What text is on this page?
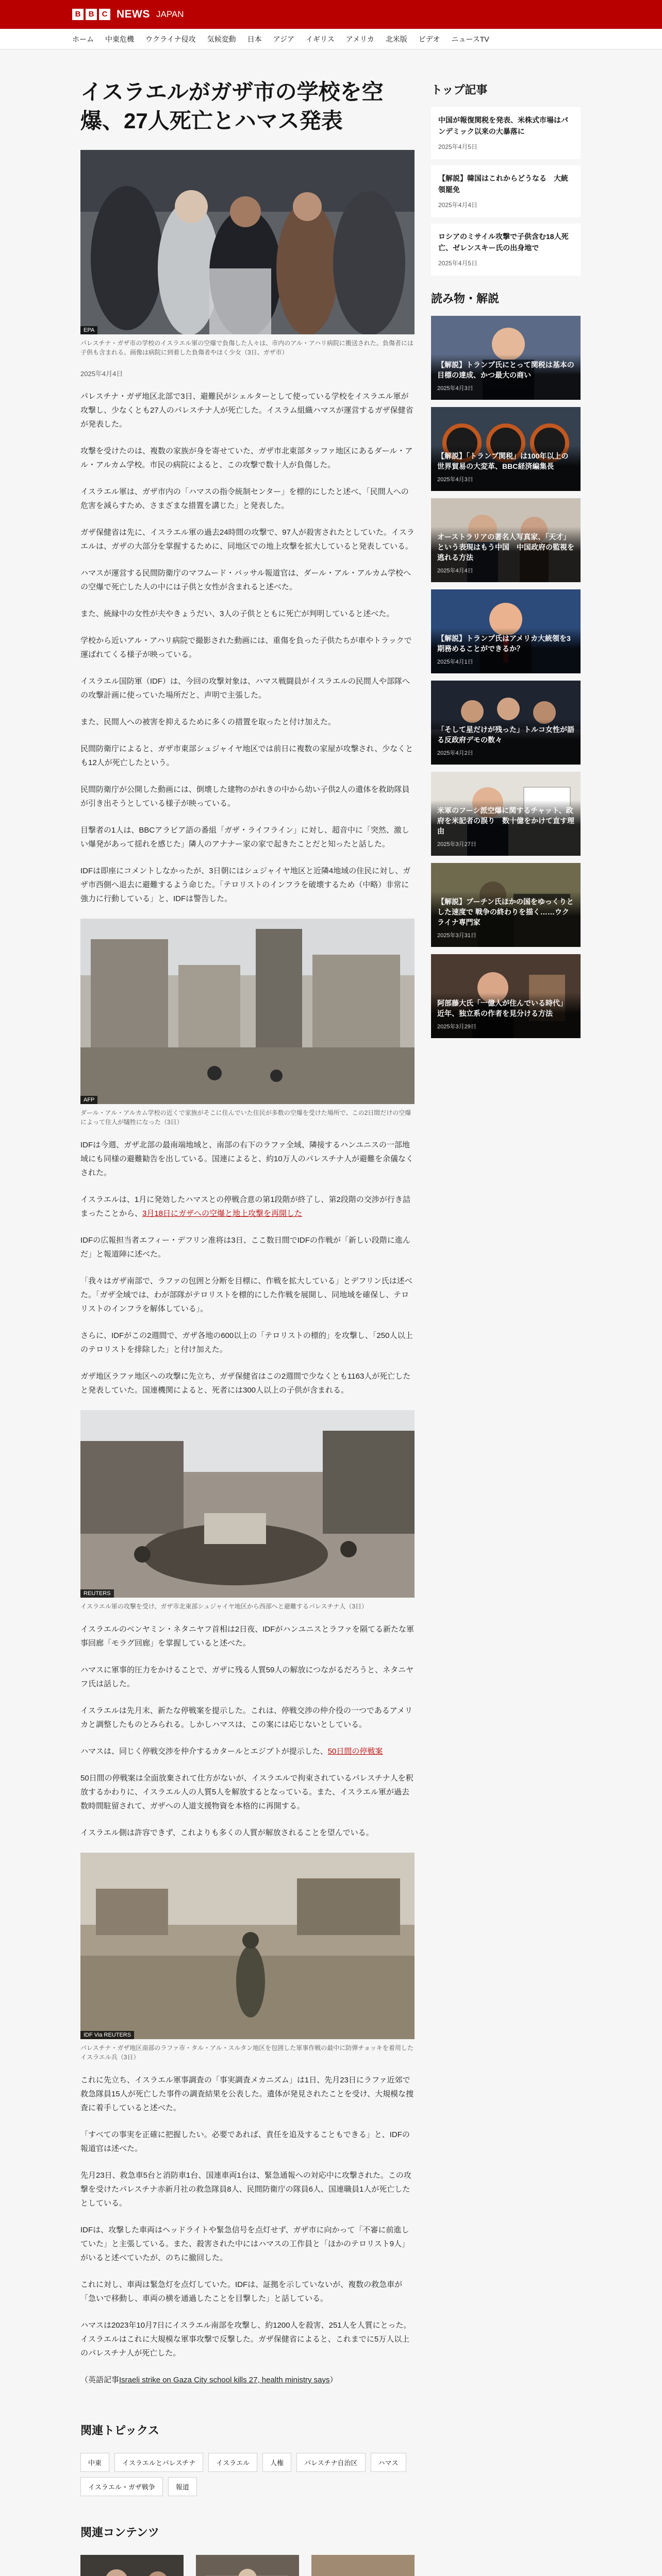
B	B	C NEWS JAPAN
ホーム	中東危機	ウクライナ侵攻	気候変動	日本	アジア	イギリス	アメリカ	北米版	ビデオ	ニュースTV
イスラエルがガザ市の学校を空爆、27人死亡とハマス発表
EPA
パレスチナ・ガザ市の学校のイスラエル軍の空爆で負傷した人々は、市内のアル・アハリ病院に搬送された。負傷者には子供も含まれる。画像は病院に到着した負傷者やほく少女（3日、ガザ市）
2025年4月4日

パレスチナ・ガザ地区北部で3日、避難民がシェルターとして使っている学校をイスラエル軍が攻撃し、少なくとも27人のパレスチナ人が死亡した。イスラム組織ハマスが運営するガザ保健省が発表した。

攻撃を受けたのは、複数の家族が身を寄せていた、ガザ市北東部タッファ地区にあるダール・アル・アルカム学校。市民の病院によると、この攻撃で数十人が負傷した。

イスラエル軍は、ガザ市内の「ハマスの指令統制センター」を標的にしたと述べ、「民間人への危害を減らすため、さまざまな措置を講じた」と発表した。

ガザ保健省は先に、イスラエル軍の過去24時間の攻撃で、97人が殺害されたとしていた。イスラエルは、ガザの大部分を掌握するために、同地区での地上攻撃を拡大していると発表している。

ハマスが運営する民間防衛庁のマフムード・バッサル報道官は、ダール・アル・アルカム学校への空爆で死亡した人の中には子供と女性が含まれると述べた。

また、統縁中の女性が夫やきょうだい、3人の子供とともに死亡が判明していると述べた。

学校から近いアル・アハリ病院で撮影された動画には、重傷を負った子供たちが車やトラックで運ばれてくる様子が映っている。

イスラエル国防軍（IDF）は、今回の攻撃対象は、ハマス戦闘員がイスラエルの民間人や部隊への攻撃計画に使っていた場所だと、声明で主張した。

また、民間人への被害を抑えるために多くの措置を取ったと付け加えた。

民間防衛庁によると、ガザ市東部シュジャイヤ地区では前日に複数の家屋が攻撃され、少なくとも12人が死亡したという。

民間防衛庁が公開した動画には、倒壊した建物のがれきの中から幼い子供2人の遺体を救助隊員が引き出そうとしている様子が映っている。

目撃者の1人は、BBCアラビア語の番組「ガザ・ライフライン」に対し、超音中に「突然、激しい爆発があって揺れを感じた」隣人のアナナー家の家で起きたことだと知ったと話した。

IDFは即座にコメントしなかったが、3日朝にはシュジャイヤ地区と近隣4地域の住民に対し、ガザ市西側へ退去に避難するよう命じた。「テロリストのインフラを破壊するため（中略）非常に強力に行動している」と、IDFは警告した。

AFP
ダール・アル・アルカム学校の近くで家族がそこに住んでいた住民が多数の空爆を受けた場所で、この2日間だけの空爆によって住人が犠牲になった（3日）

IDFは今週、ガザ北部の最南端地域と、南部の右下のラファ全域、隣接するハンユニスの一部地域にも同様の避難勧告を出している。国連によると、約10万人のパレスチナ人が避難を余儀なくされた。

イスラエルは、1月に発効したハマスとの停戦合意の第1段階が終了し、第2段階の交渉が行き詰まったことから、3月18日にガザへの空爆と地上攻撃を再開した

IDFの広報担当者エフィー・デフリン准将は3日、ここ数日間でIDFの作戦が「新しい段階に進んだ」と報道陣に述べた。

「我々はガザ南部で、ラファの包囲と分断を目標に、作戦を拡大している」とデフリン氏は述べた。「ガザ全域では、わが部隊がテロリストを標的にした作戦を展開し、同地域を確保し、テロリストのインフラを解体している」。

さらに、IDFがこの2週間で、ガザ各地の600以上の「テロリストの標的」を攻撃し、「250人以上のテロリストを排除した」と付け加えた。

ガザ地区ラファ地区への攻撃に先立ち、ガザ保健省はこの2週間で少なくとも1163人が死亡したと発表していた。国連機関によると、死者には300人以上の子供が含まれる。

REUTERS
イスラエル軍の攻撃を受け、ガザ市北東部シュジャイヤ地区から西部へと避難するパレスチナ人（3日）

イスラエルのベンヤミン・ネタニヤフ首相は2日夜、IDFがハンユニスとラファを隔てる新たな軍事回廊「モラグ回廊」を掌握していると述べた。

ハマスに軍事的圧力をかけることで、ガザに残る人質59人の解放につながるだろうと、ネタニヤフ氏は話した。

イスラエルは先月末、新たな停戦案を提示した。これは、停戦交渉の仲介役の一つであるアメリカと調整したものとみられる。しかしハマスは、この案には応じないとしている。

ハマスは、同じく停戦交渉を仲介するカタールとエジプトが提示した、50日間の停戦案

50日間の停戦案は全面放棄されて仕方がないが、イスラエルで拘束されているパレスチナ人を釈放するかわりに、イスラエル人の人質5人を解放するとなっている。また、イスラエル軍が過去数時間駐留されて、ガザへの人道支援物資を本格的に再開する。

イスラエル側は許容できず、これよりも多くの人質が解放されることを望んでいる。

IDF Via REUTERS
パレスチナ・ガザ地区南部のラファ市・タル・アル・スルタン地区を包囲した軍事作戦の最中に防弾チョッキを着用したイスラエル兵（3日）

これに先立ち、イスラエル軍事調査の「事実調査メカニズム」は1日、先月23日にラファ近郊で救急隊員15人が死亡した事件の調査結果を公表した。遺体が発見されたことを受け、大規模な捜査に着手していると述べた。

「すべての事実を正確に把握したい。必要であれば、責任を追及することもできる」と、IDFの報道官は述べた。

先月23日、救急車5台と消防車1台、国連車両1台は、緊急通報への対応中に攻撃された。この攻撃を受けたパレスチナ赤新月社の救急隊員8人、民間防衛庁の隊員6人、国連職員1人が死亡したとしている。

IDFは、攻撃した車両はヘッドライトや緊急信号を点灯せず、ガザ市に向かって「不審に前進していた」と主張している。また、殺害された中にはハマスの工作員と「ほかのテロリスト9人」がいると述べていたが、のちに撤回した。

これに対し、車両は緊急灯を点灯していた。IDFは、証拠を示していないが、複数の救急車が「急いで移動し、車両の横を通過したことを目撃した」と話している。

ハマスは2023年10月7日にイスラエル南部を攻撃し、約1200人を殺害、251人を人質にとった。イスラエルはこれに大規模な軍事攻撃で反撃した。ガザ保健省によると、これまでに5万人以上のパレスチナ人が死亡した。

（英語記事Israeli strike on Gaza City school kills 27, health ministry says）

関連トピックス
中東	イスラエルとパレスチナ	イスラエル	人権	パレスチナ自治区	ハマス
イスラエル・ガザ戦争	報道
関連コンテンツ
トップ記事
中国が報復関税を発表、米株式市場はパンデミック以来の大暴落に
2025年4月5日
【解説】韓国はこれからどうなる　大統領罷免
2025年4月4日
ロシアのミサイル攻撃で子供含む18人死亡、ゼレンスキー氏の出身地で
2025年4月5日
読み物・解説
【解説】トランプ氏にとって関税は基本の目標の達成、かつ最大の商い
2025年4月3日
【解説】「トランプ関税」は100年以上の世界貿易の大変革、BBC経済編集長
2025年4月3日
オーストラリアの著名人写真家、「天才」という表現はもう中国　中国政府の監視を逃れる方法
2025年4月4日
【解説】トランプ氏はアメリカ大統領を3期務めることができるか？
2025年4月1日
「そして星だけが残った」トルコ女性が語る反政府デモの数々
2025年4月2日
米軍のフーシ派空爆に関するチャット、政府を米記者の誤り　数十億をかけて直す理由
2025年3月27日
【解説】プーチン氏ほかの国をゆっくりとした速度で 戦争の終わりを描く……ウクライナ専門家
2025年3月31日
阿部藤大氏「一億人が住んでいる時代」　近年、独立系の作者を見分ける方法
2025年3月29日
